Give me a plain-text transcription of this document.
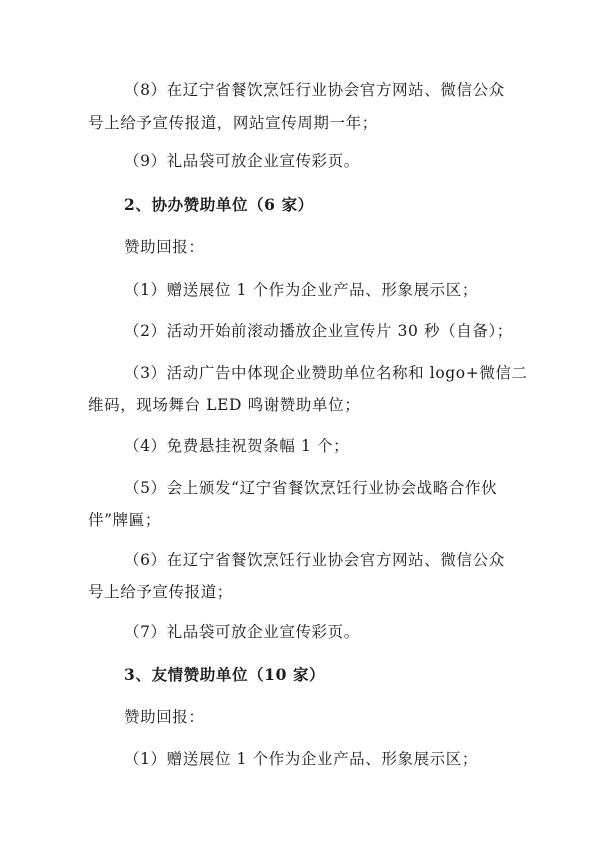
（8）在辽宁省餐饮烹饪行业协会官方网站、微信公众
号上给予宣传报道，网站宣传周期一年；
（9）礼品袋可放企业宣传彩页。
2、协办赞助单位（6 家）
赞助回报：
（1）赠送展位 1 个作为企业产品、形象展示区；
（2）活动开始前滚动播放企业宣传片 30 秒（自备）；
（3）活动广告中体现企业赞助单位名称和 logo+微信二
维码，现场舞台 LED 鸣谢赞助单位；
（4）免费悬挂祝贺条幅 1 个；
（5）会上颁发“辽宁省餐饮烹饪行业协会战略合作伙
伴”牌匾；
（6）在辽宁省餐饮烹饪行业协会官方网站、微信公众
号上给予宣传报道；
（7）礼品袋可放企业宣传彩页。
3、友情赞助单位（10 家）
赞助回报：
（1）赠送展位 1 个作为企业产品、形象展示区；
